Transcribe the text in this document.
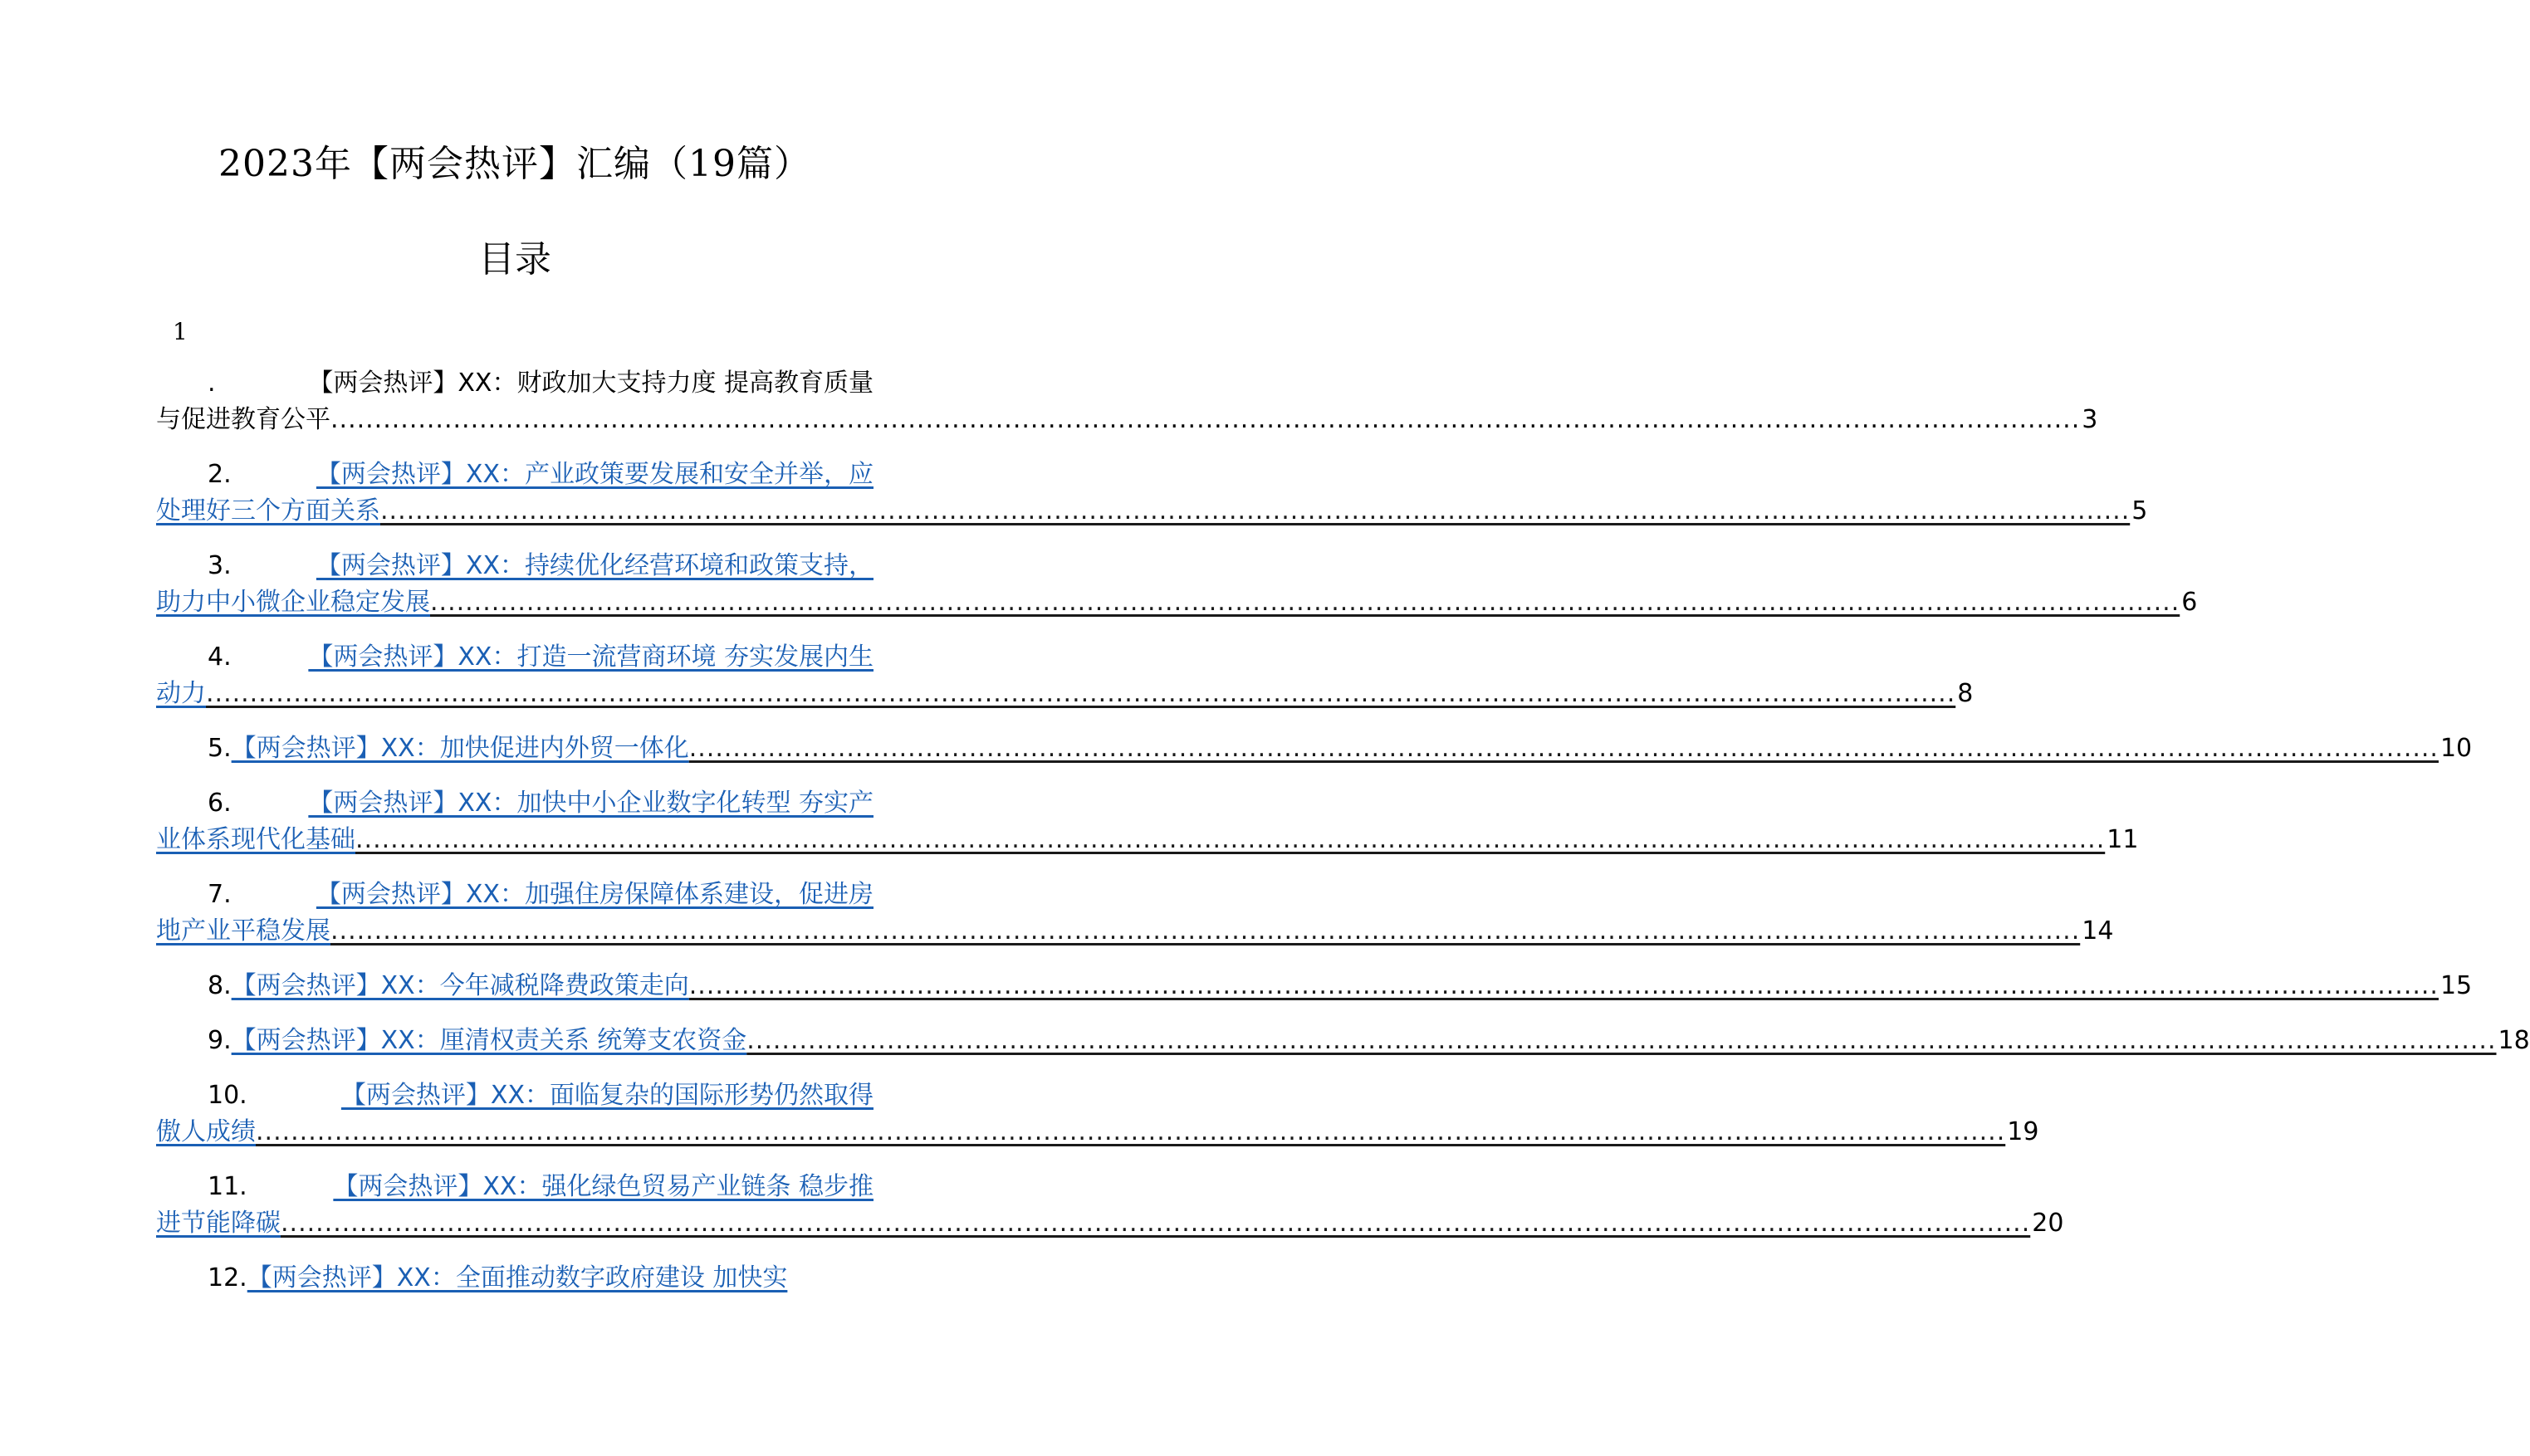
2023年【两会热评】汇编（19篇）
目录
1
.	【两会热评】XX：财政加大支持力度 提高教育质量
与促进教育公平 ........................................................................................................................................................................................................ 3
2.	【两会热评】XX：产业政策要发展和安全并举，应
处理好三个方面关系 ........................................................................................................................................................................................................ 5
3.	【两会热评】XX：持续优化经营环境和政策支持，
助力中小微企业稳定发展 ........................................................................................................................................................................................................ 6
4.	【两会热评】XX：打造一流营商环境 夯实发展内生
动力 ........................................................................................................................................................................................................ 8
5. 【两会热评】XX：加快促进内外贸一体化 ........................................................................................................................................................................................................ 10
6.	【两会热评】XX：加快中小企业数字化转型 夯实产
业体系现代化基础 ........................................................................................................................................................................................................ 11
7.	【两会热评】XX：加强住房保障体系建设，促进房
地产业平稳发展 ........................................................................................................................................................................................................ 14
8. 【两会热评】XX：今年减税降费政策走向 ........................................................................................................................................................................................................ 15
9. 【两会热评】XX：厘清权责关系 统筹支农资金 ........................................................................................................................................................................................................ 18
10.	【两会热评】XX：面临复杂的国际形势仍然取得
傲人成绩 ........................................................................................................................................................................................................ 19
11.	【两会热评】XX：强化绿色贸易产业链条 稳步推
进节能降碳 ........................................................................................................................................................................................................ 20
12. 【两会热评】XX：全面推动数字政府建设 加快实
